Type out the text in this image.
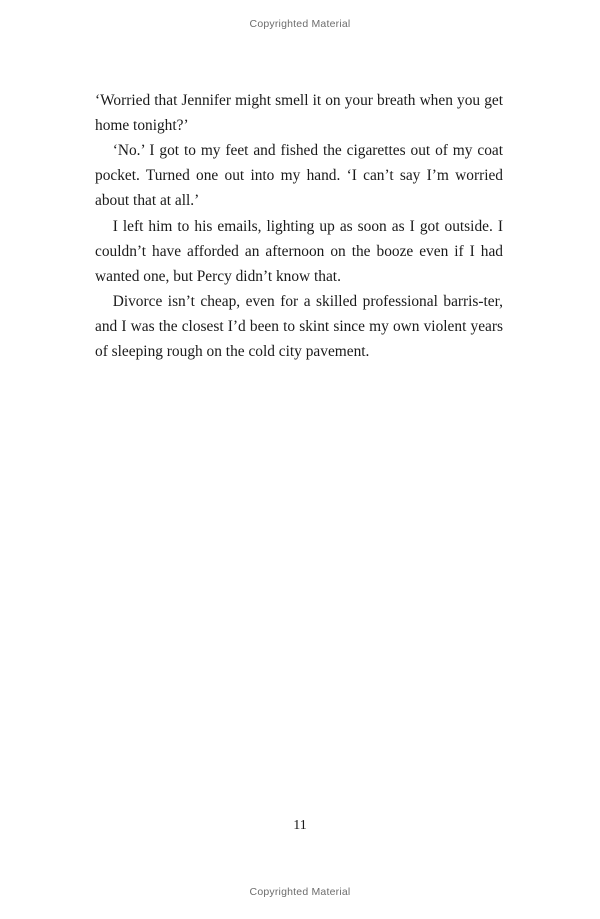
Copyrighted Material

‘Worried that Jennifer might smell it on your breath when you get home tonight?’

‘No.’ I got to my feet and fished the cigarettes out of my coat pocket. Turned one out into my hand. ‘I can’t say I’m worried about that at all.’

I left him to his emails, lighting up as soon as I got outside. I couldn’t have afforded an afternoon on the booze even if I had wanted one, but Percy didn’t know that.

Divorce isn’t cheap, even for a skilled professional barris-ter, and I was the closest I’d been to skint since my own violent years of sleeping rough on the cold city pavement.

11
Copyrighted Material
